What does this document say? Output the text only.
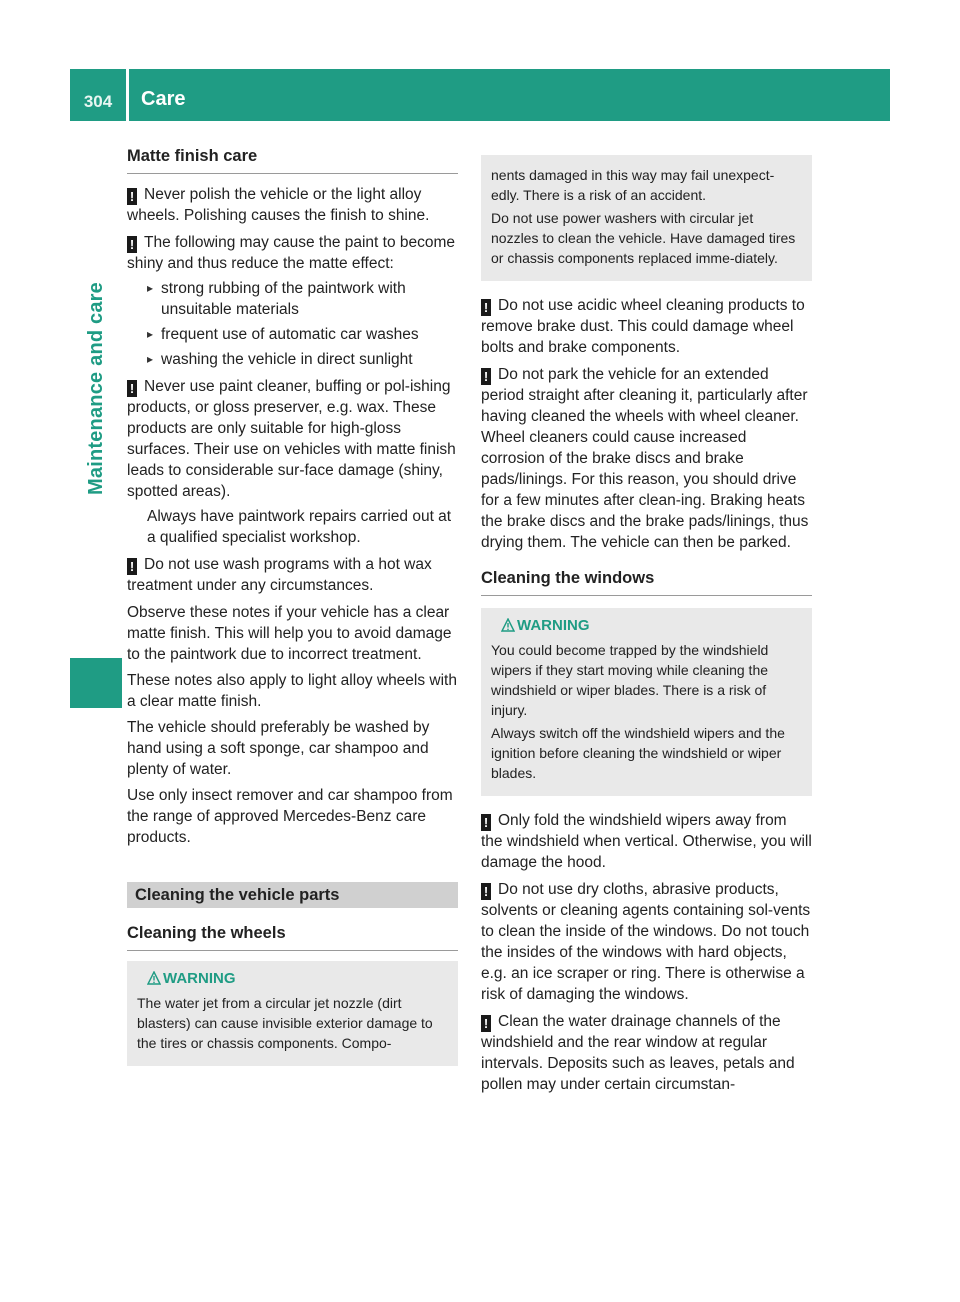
304	Care
Maintenance and care
Matte finish care

! Never polish the vehicle or the light alloy wheels. Polishing causes the finish to shine.

! The following may cause the paint to become shiny and thus reduce the matte effect:

▸ strong rubbing of the paintwork with unsuitable materials
▸ frequent use of automatic car washes
▸ washing the vehicle in direct sunlight

! Never use paint cleaner, buffing or pol-ishing products, or gloss preserver, e.g. wax. These products are only suitable for high-gloss surfaces. Their use on vehicles with matte finish leads to considerable sur-face damage (shiny, spotted areas).

Always have paintwork repairs carried out at a qualified specialist workshop.

! Do not use wash programs with a hot wax treatment under any circumstances.

Observe these notes if your vehicle has a clear matte finish. This will help you to avoid damage to the paintwork due to incorrect treatment.

These notes also apply to light alloy wheels with a clear matte finish.

The vehicle should preferably be washed by hand using a soft sponge, car shampoo and plenty of water.

Use only insect remover and car shampoo from the range of approved Mercedes-Benz care products.

Cleaning the vehicle parts
Cleaning the wheels
WARNING

The water jet from a circular jet nozzle (dirt blasters) can cause invisible exterior damage to the tires or chassis components. Compo-

nents damaged in this way may fail unexpect-edly. There is a risk of an accident.

Do not use power washers with circular jet nozzles to clean the vehicle. Have damaged tires or chassis components replaced imme-diately.

! Do not use acidic wheel cleaning products to remove brake dust. This could damage wheel bolts and brake components.

! Do not park the vehicle for an extended period straight after cleaning it, particularly after having cleaned the wheels with wheel cleaner. Wheel cleaners could cause increased corrosion of the brake discs and brake pads/linings. For this reason, you should drive for a few minutes after clean-ing. Braking heats the brake discs and the brake pads/linings, thus drying them. The vehicle can then be parked.

Cleaning the windows
WARNING

You could become trapped by the windshield wipers if they start moving while cleaning the windshield or wiper blades. There is a risk of injury.

Always switch off the windshield wipers and the ignition before cleaning the windshield or wiper blades.

! Only fold the windshield wipers away from the windshield when vertical. Otherwise, you will damage the hood.

! Do not use dry cloths, abrasive products, solvents or cleaning agents containing sol-vents to clean the inside of the windows. Do not touch the insides of the windows with hard objects, e.g. an ice scraper or ring. There is otherwise a risk of damaging the windows.

! Clean the water drainage channels of the windshield and the rear window at regular intervals. Deposits such as leaves, petals and pollen may under certain circumstan-
